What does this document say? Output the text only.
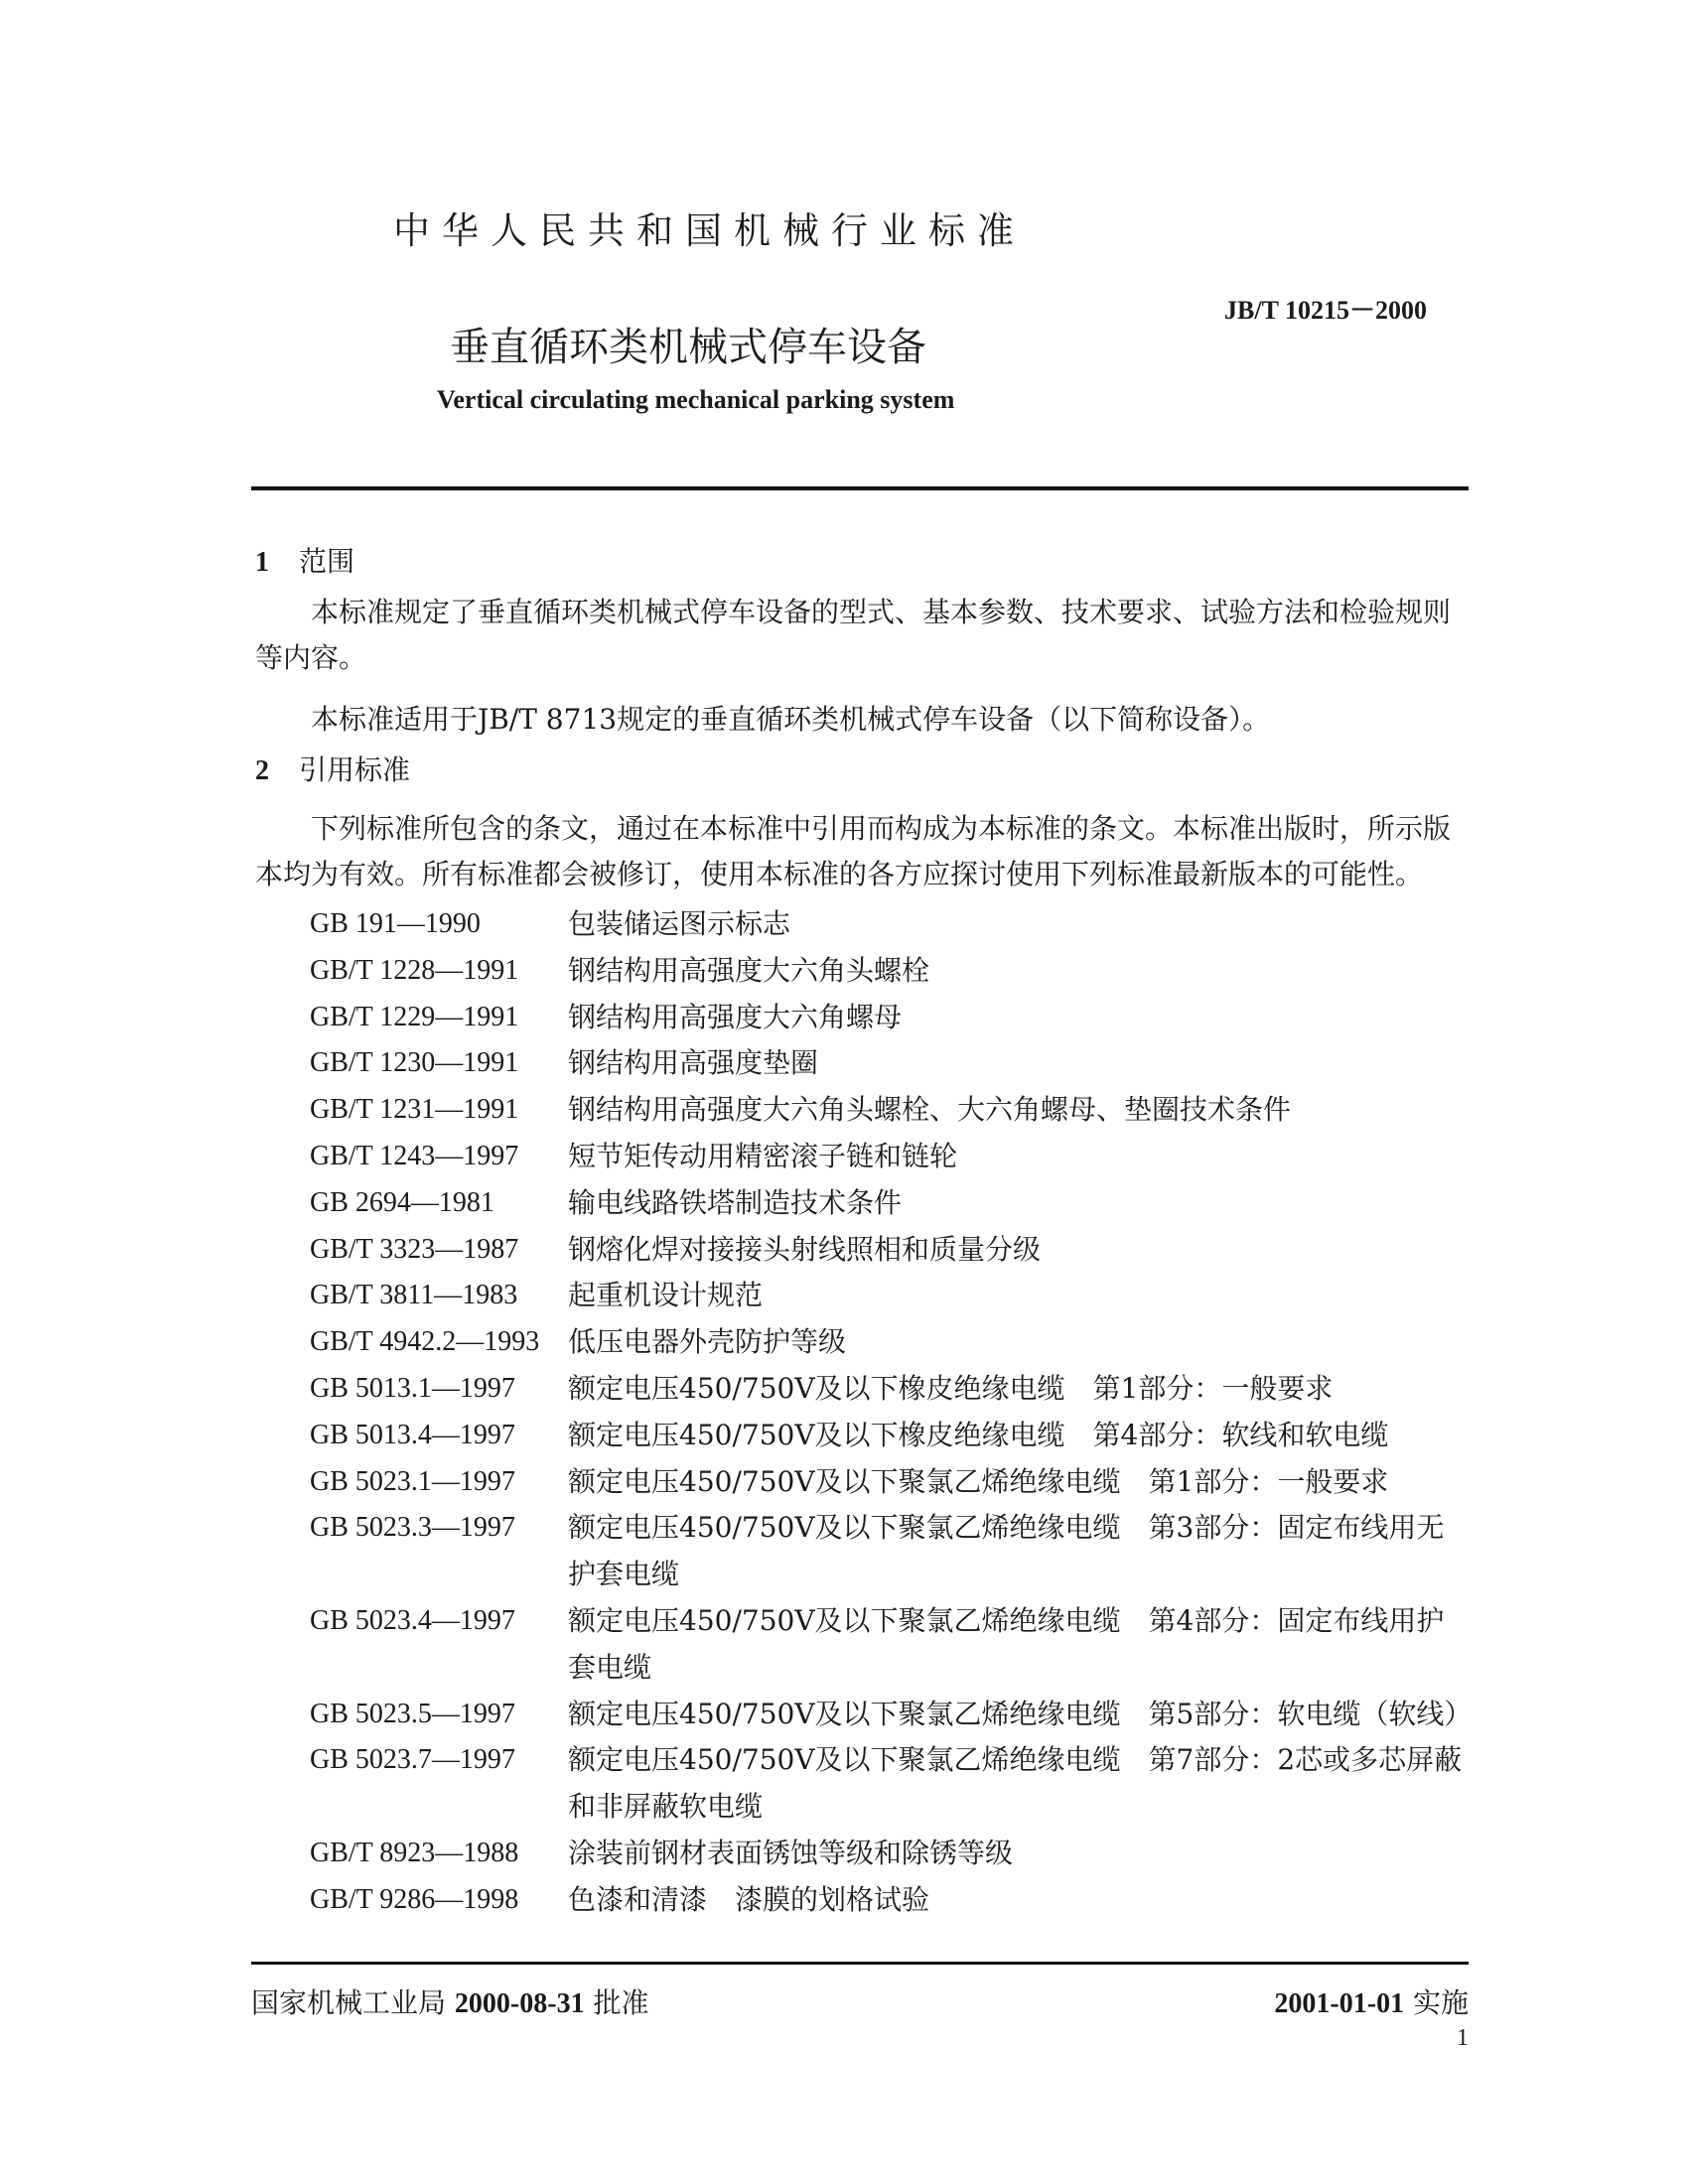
中华人民共和国机械行业标准
JB/T 10215－2000
垂直循环类机械式停车设备
Vertical circulating mechanical parking system
1 范围

本标准规定了垂直循环类机械式停车设备的型式、基本参数、技术要求、试验方法和检验规则等内容。

本标准适用于JB/T 8713规定的垂直循环类机械式停车设备（以下简称设备）。

2 引用标准

下列标准所包含的条文，通过在本标准中引用而构成为本标准的条文。本标准出版时，所示版本均为有效。所有标准都会被修订，使用本标准的各方应探讨使用下列标准最新版本的可能性。

GB 191—1990	包装储运图示标志
GB/T 1228—1991	钢结构用高强度大六角头螺栓
GB/T 1229—1991	钢结构用高强度大六角螺母
GB/T 1230—1991	钢结构用高强度垫圈
GB/T 1231—1991	钢结构用高强度大六角头螺栓、大六角螺母、垫圈技术条件
GB/T 1243—1997	短节矩传动用精密滚子链和链轮
GB 2694—1981	输电线路铁塔制造技术条件
GB/T 3323—1987	钢熔化焊对接接头射线照相和质量分级
GB/T 3811—1983	起重机设计规范
GB/T 4942.2—1993	低压电器外壳防护等级
GB 5013.1—1997	额定电压450/750V及以下橡皮绝缘电缆　第1部分：一般要求
GB 5013.4—1997	额定电压450/750V及以下橡皮绝缘电缆　第4部分：软线和软电缆
GB 5023.1—1997	额定电压450/750V及以下聚氯乙烯绝缘电缆　第1部分：一般要求
GB 5023.3—1997	额定电压450/750V及以下聚氯乙烯绝缘电缆　第3部分：固定布线用无护套电缆
GB 5023.4—1997	额定电压450/750V及以下聚氯乙烯绝缘电缆　第4部分：固定布线用护套电缆
GB 5023.5—1997	额定电压450/750V及以下聚氯乙烯绝缘电缆　第5部分：软电缆（软线）
GB 5023.7—1997	额定电压450/750V及以下聚氯乙烯绝缘电缆　第7部分：2芯或多芯屏蔽和非屏蔽软电缆
GB/T 8923—1988	涂装前钢材表面锈蚀等级和除锈等级
GB/T 9286—1998	色漆和清漆　漆膜的划格试验
国家机械工业局 2000-08-31 批准	2001-01-01 实施
1
